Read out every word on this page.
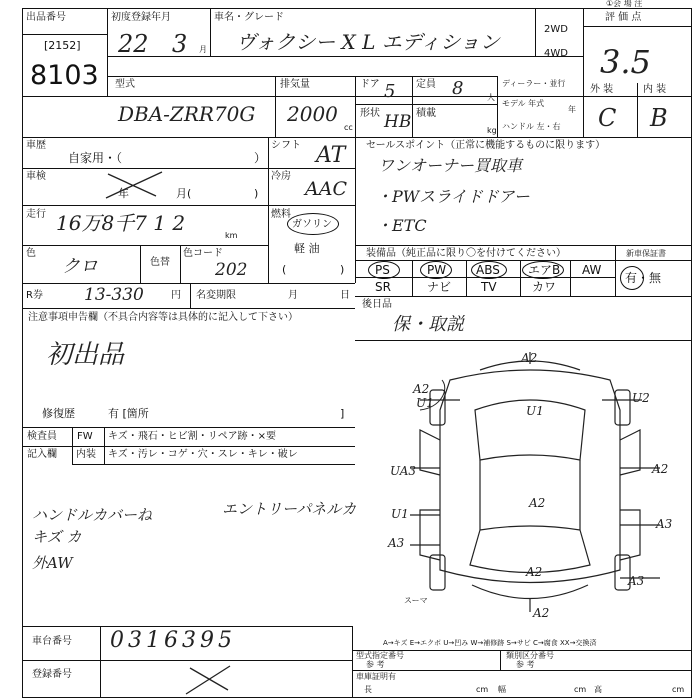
①会 場 注
出品番号
[2152]
8103
初度登録年月
22 3 月
車名・グレード
ヴォクシー X L エディション
2WD
4WD
評 価 点
3.5
型式
DBA-ZRR70G
排気量
2000
cc
ドア 5 定員 8	人
形状 HB 積載
kg
ディーラー・並行
モデル 年式
年
ハンドル 左・右
外 装	内 装
C B
車歴
自家用・（	）
車検
年	月(	)
走行 16万8千7 1 2
km
色
クロ	色替
色コード
202
シフト AT
冷房
AAC
燃料
ガソリン
軽 油
(	)
R券 13-330	円 名変期限	月	日
セールスポイント（正常に機能するものに限ります）
ワンオーナー買取車
・PWスライドドアー
・ETC
装備品（純正品に限り〇を付けてください）	新車保証書
PS	PW ABS エアB AW
SR	ナビ TV	カワ
有・無
後日品
保・取説
注意事項申告欄（不具合内容等は具体的に記入して下さい）
初出品
修復歴	有 [箇所	]
検査員
記入欄
FW
内装
キズ・飛石・ヒビ割・リペア跡・×要
キズ・汚レ・コゲ・穴・スレ・キレ・破レ
ハンドルカバーね	エントリーパネルカ
キズ カ
外AW
A2
A2
U1
U1
U2
A2
UA3
U1
A2
A3
A3
A2
A3
A2
スーマ
A→キズ E→エクボ U→凹み W→補修跡 S→サビ C→腐食 XX→交換済
車台番号 0316395
登録番号
型式指定番号
参 考
類別区分番号
参 考
車庫証明有
長	cm 幅	cm 高	cm
